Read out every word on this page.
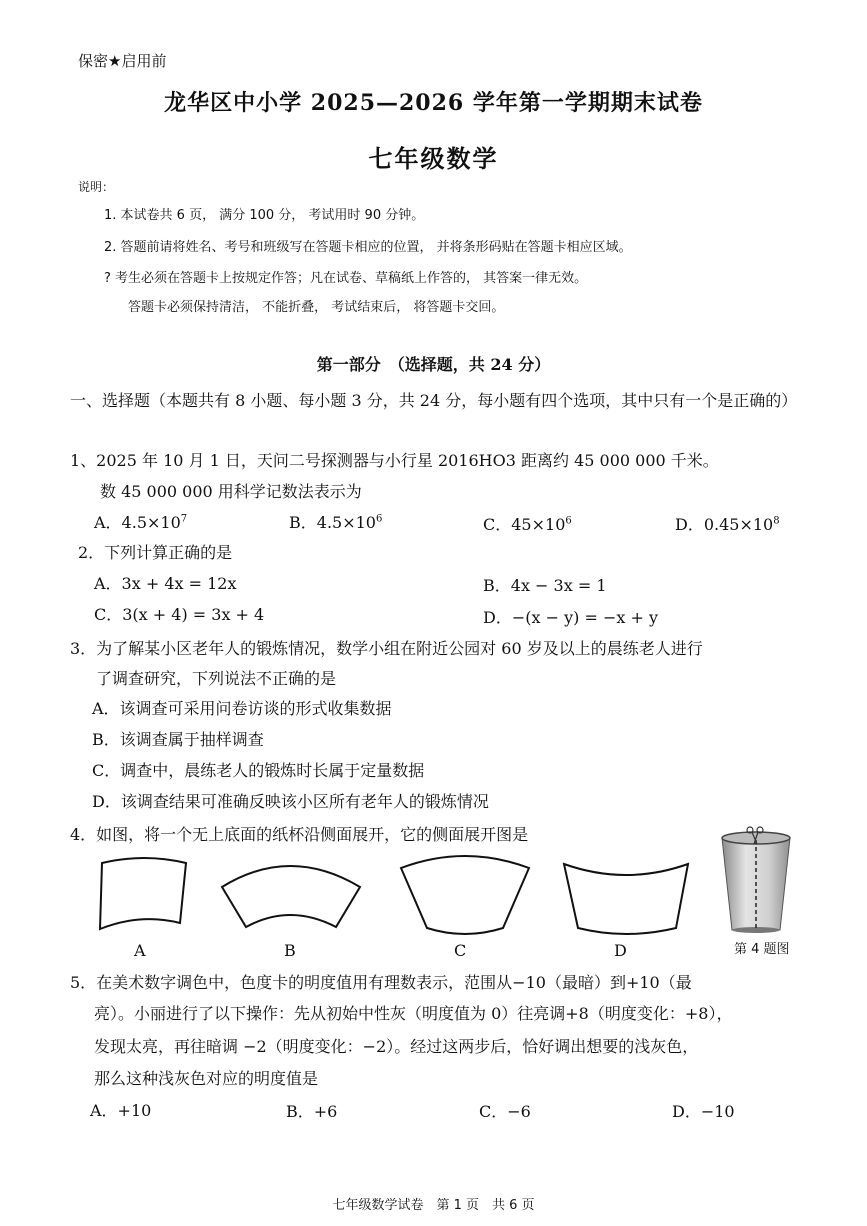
保密★启用前
龙华区中小学 2025—2026 学年第一学期期末试卷
七年级数学
说明：
1. 本试卷共 6 页， 满分 100 分， 考试用时 90 分钟。
2. 答题前请将姓名、考号和班级写在答题卡相应的位置， 并将条形码贴在答题卡相应区域。
? 考生必须在答题卡上按规定作答；凡在试卷、草稿纸上作答的， 其答案一律无效。
答题卡必须保持清洁， 不能折叠， 考试结束后， 将答题卡交回。
第一部分　（选择题，共 24 分）
一、选择题（本题共有 8 小题、每小题 3 分，共 24 分，每小题有四个选项，其中只有一个是正确的）
1、2025 年 10 月 1 日，天问二号探测器与小行星 2016HO3 距离约 45 000 000 千米。
数 45 000 000 用科学记数法表示为
A．$4.5\times 10^7$	B．$4.5\times 10^6$	C．$45\times 10^6$	D．$0.45\times 10^8$
2．下列计算正确的是
A．3x + 4x = 12x	B．4x − 3x = 1
C．3(x + 4) = 3x + 4	D．−(x − y) = −x + y
3．为了解某小区老年人的锻炼情况，数学小组在附近公园对 60 岁及以上的晨练老人进行
了调查研究，下列说法不正确的是
A．该调查可采用问卷访谈的形式收集数据
B．该调查属于抽样调查
C．调查中，晨练老人的锻炼时长属于定量数据
D．该调查结果可准确反映该小区所有老年人的锻炼情况
4．如图，将一个无上底面的纸杯沿侧面展开，它的侧面展开图是
A	B	C	D	第 4 题图
5．在美术数字调色中，色度卡的明度值用有理数表示，范围从−10（最暗）到+10（最
亮）。小丽进行了以下操作：先从初始中性灰（明度值为 0）往亮调+8（明度变化：+8），
发现太亮，再往暗调 −2（明度变化：−2）。经过这两步后，恰好调出想要的浅灰色，
那么这种浅灰色对应的明度值是
A．+10	B．+6	C．−6	D．−10
七年级数学试卷　第 1 页　共 6 页
